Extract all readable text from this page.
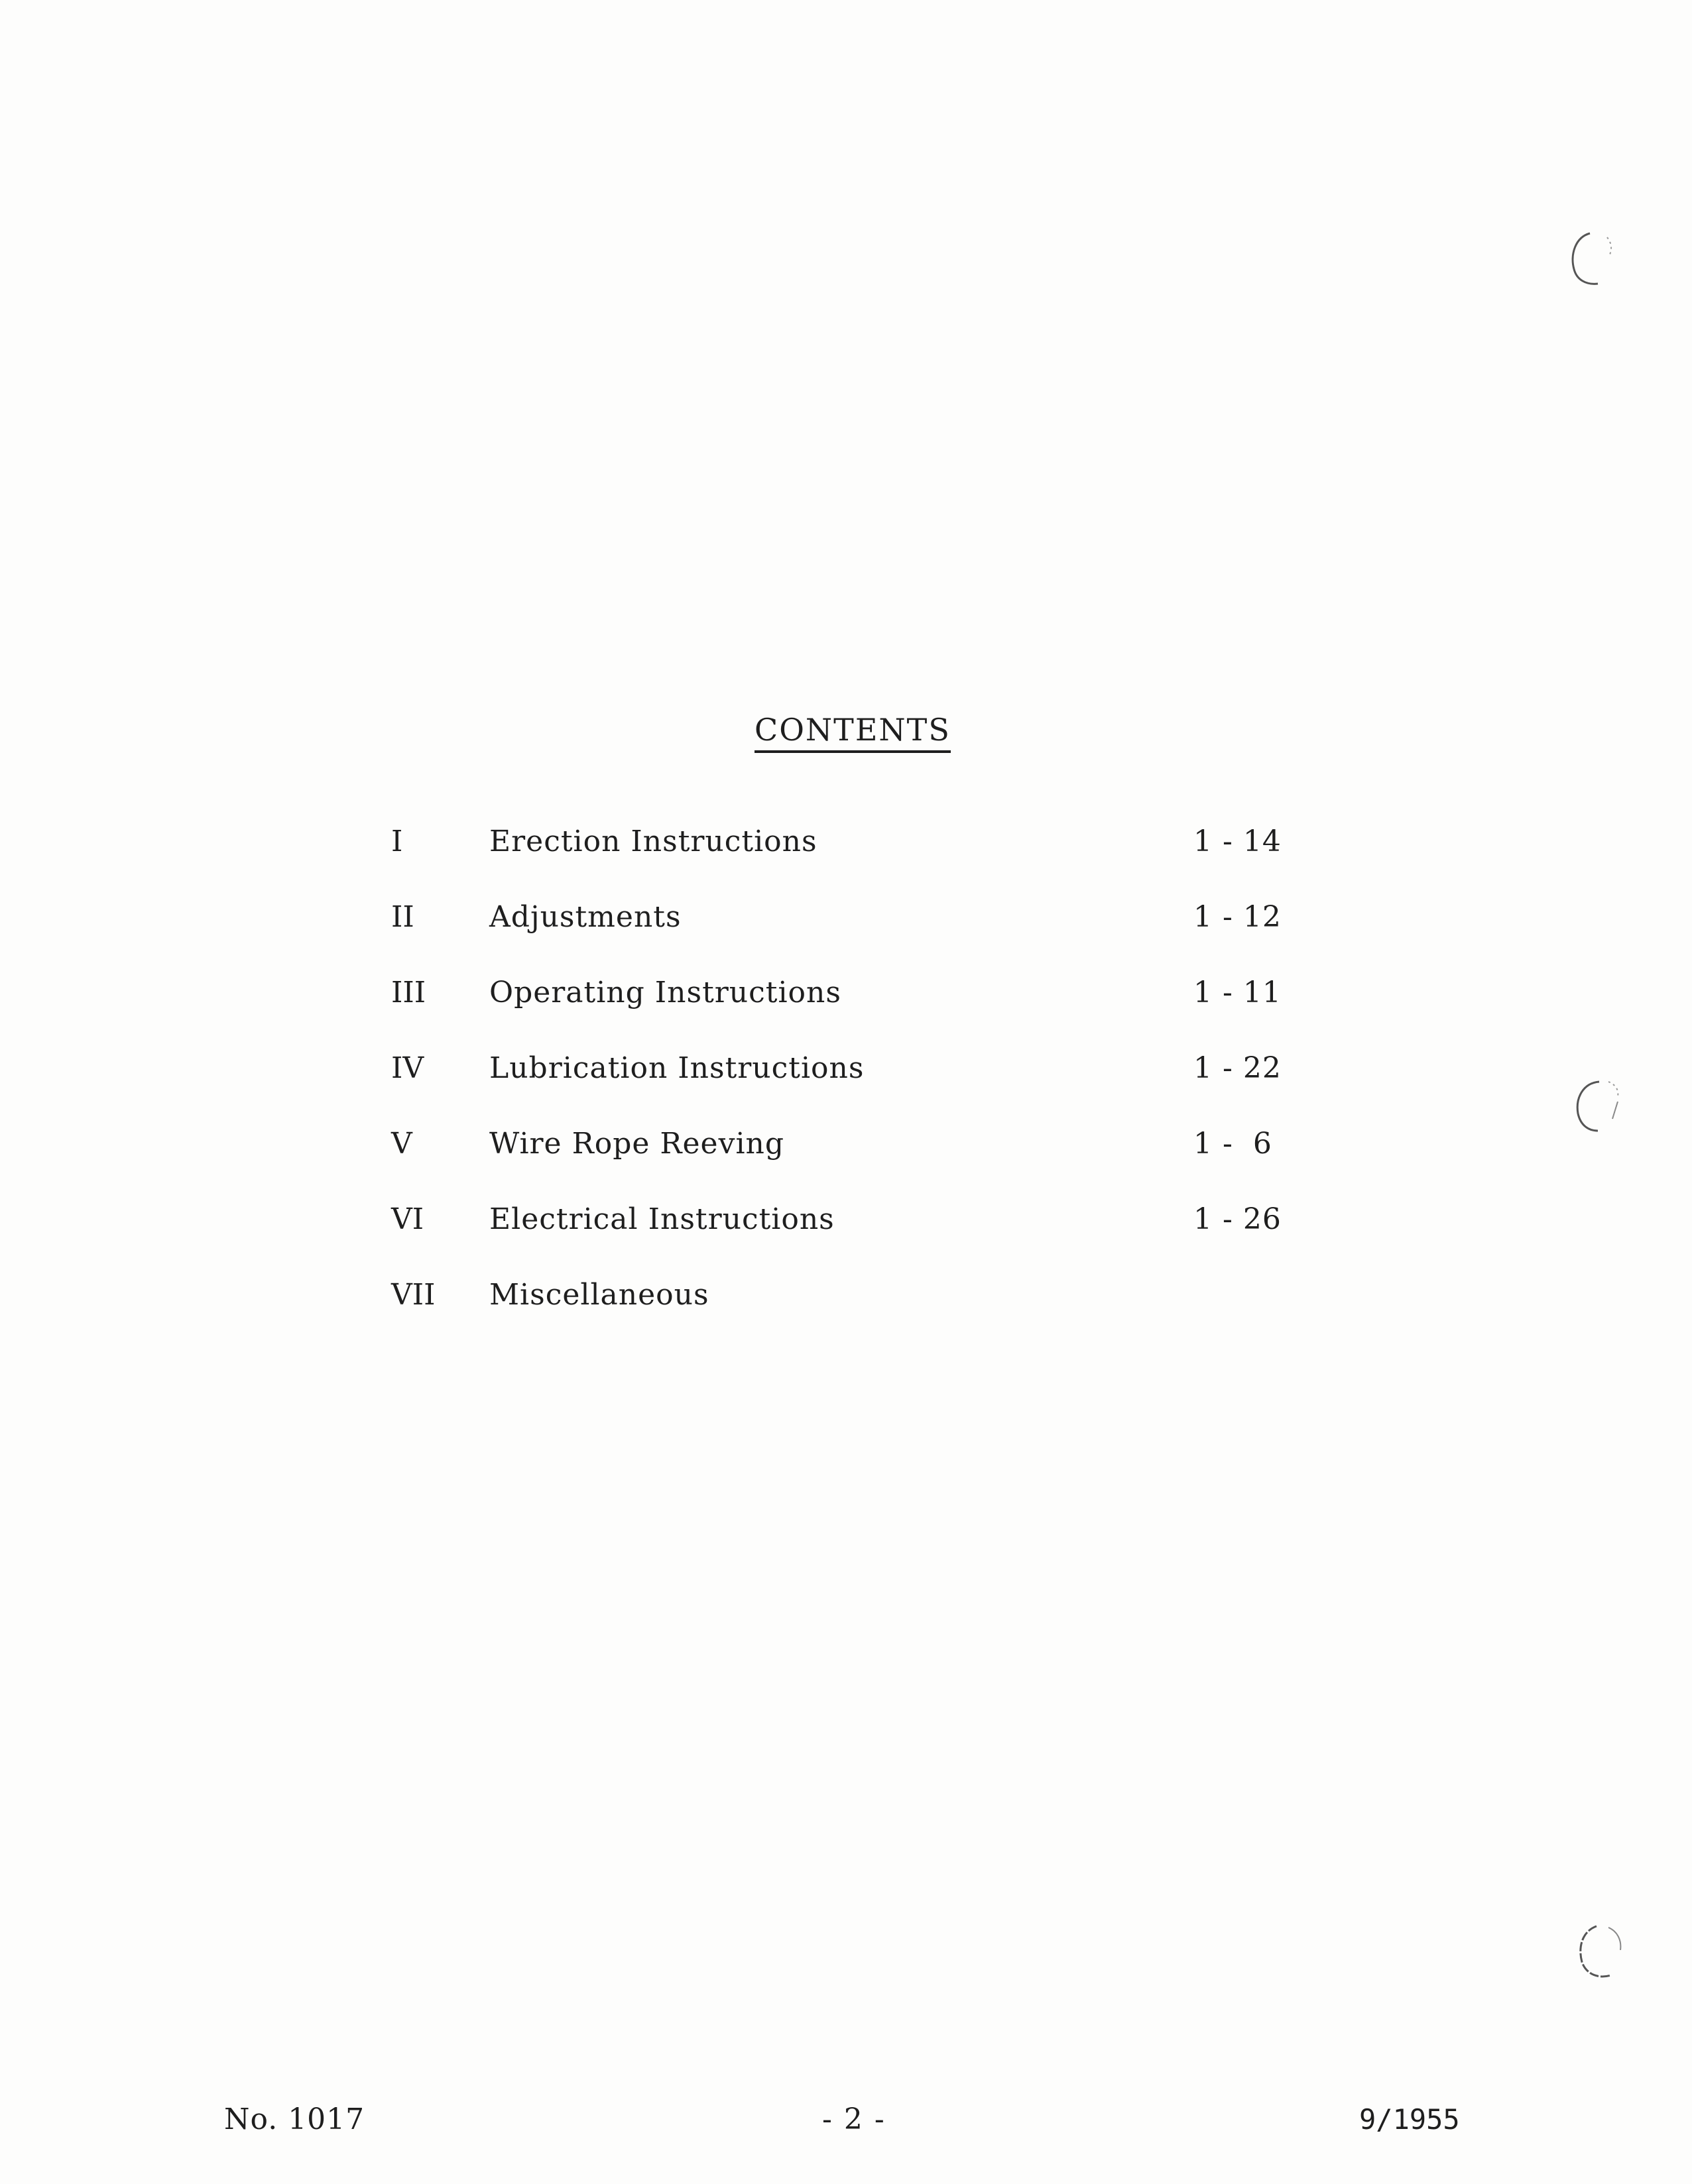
CONTENTS
I	Erection Instructions	1 - 14
II	Adjustments	1 - 12
III Operating Instructions	1 - 11
IV Lubrication Instructions	1 - 22
V	Wire Rope Reeving	1 -  6
VI Electrical Instructions	1 - 26
VII Miscellaneous
No. 1017	- 2 -	9/1955
